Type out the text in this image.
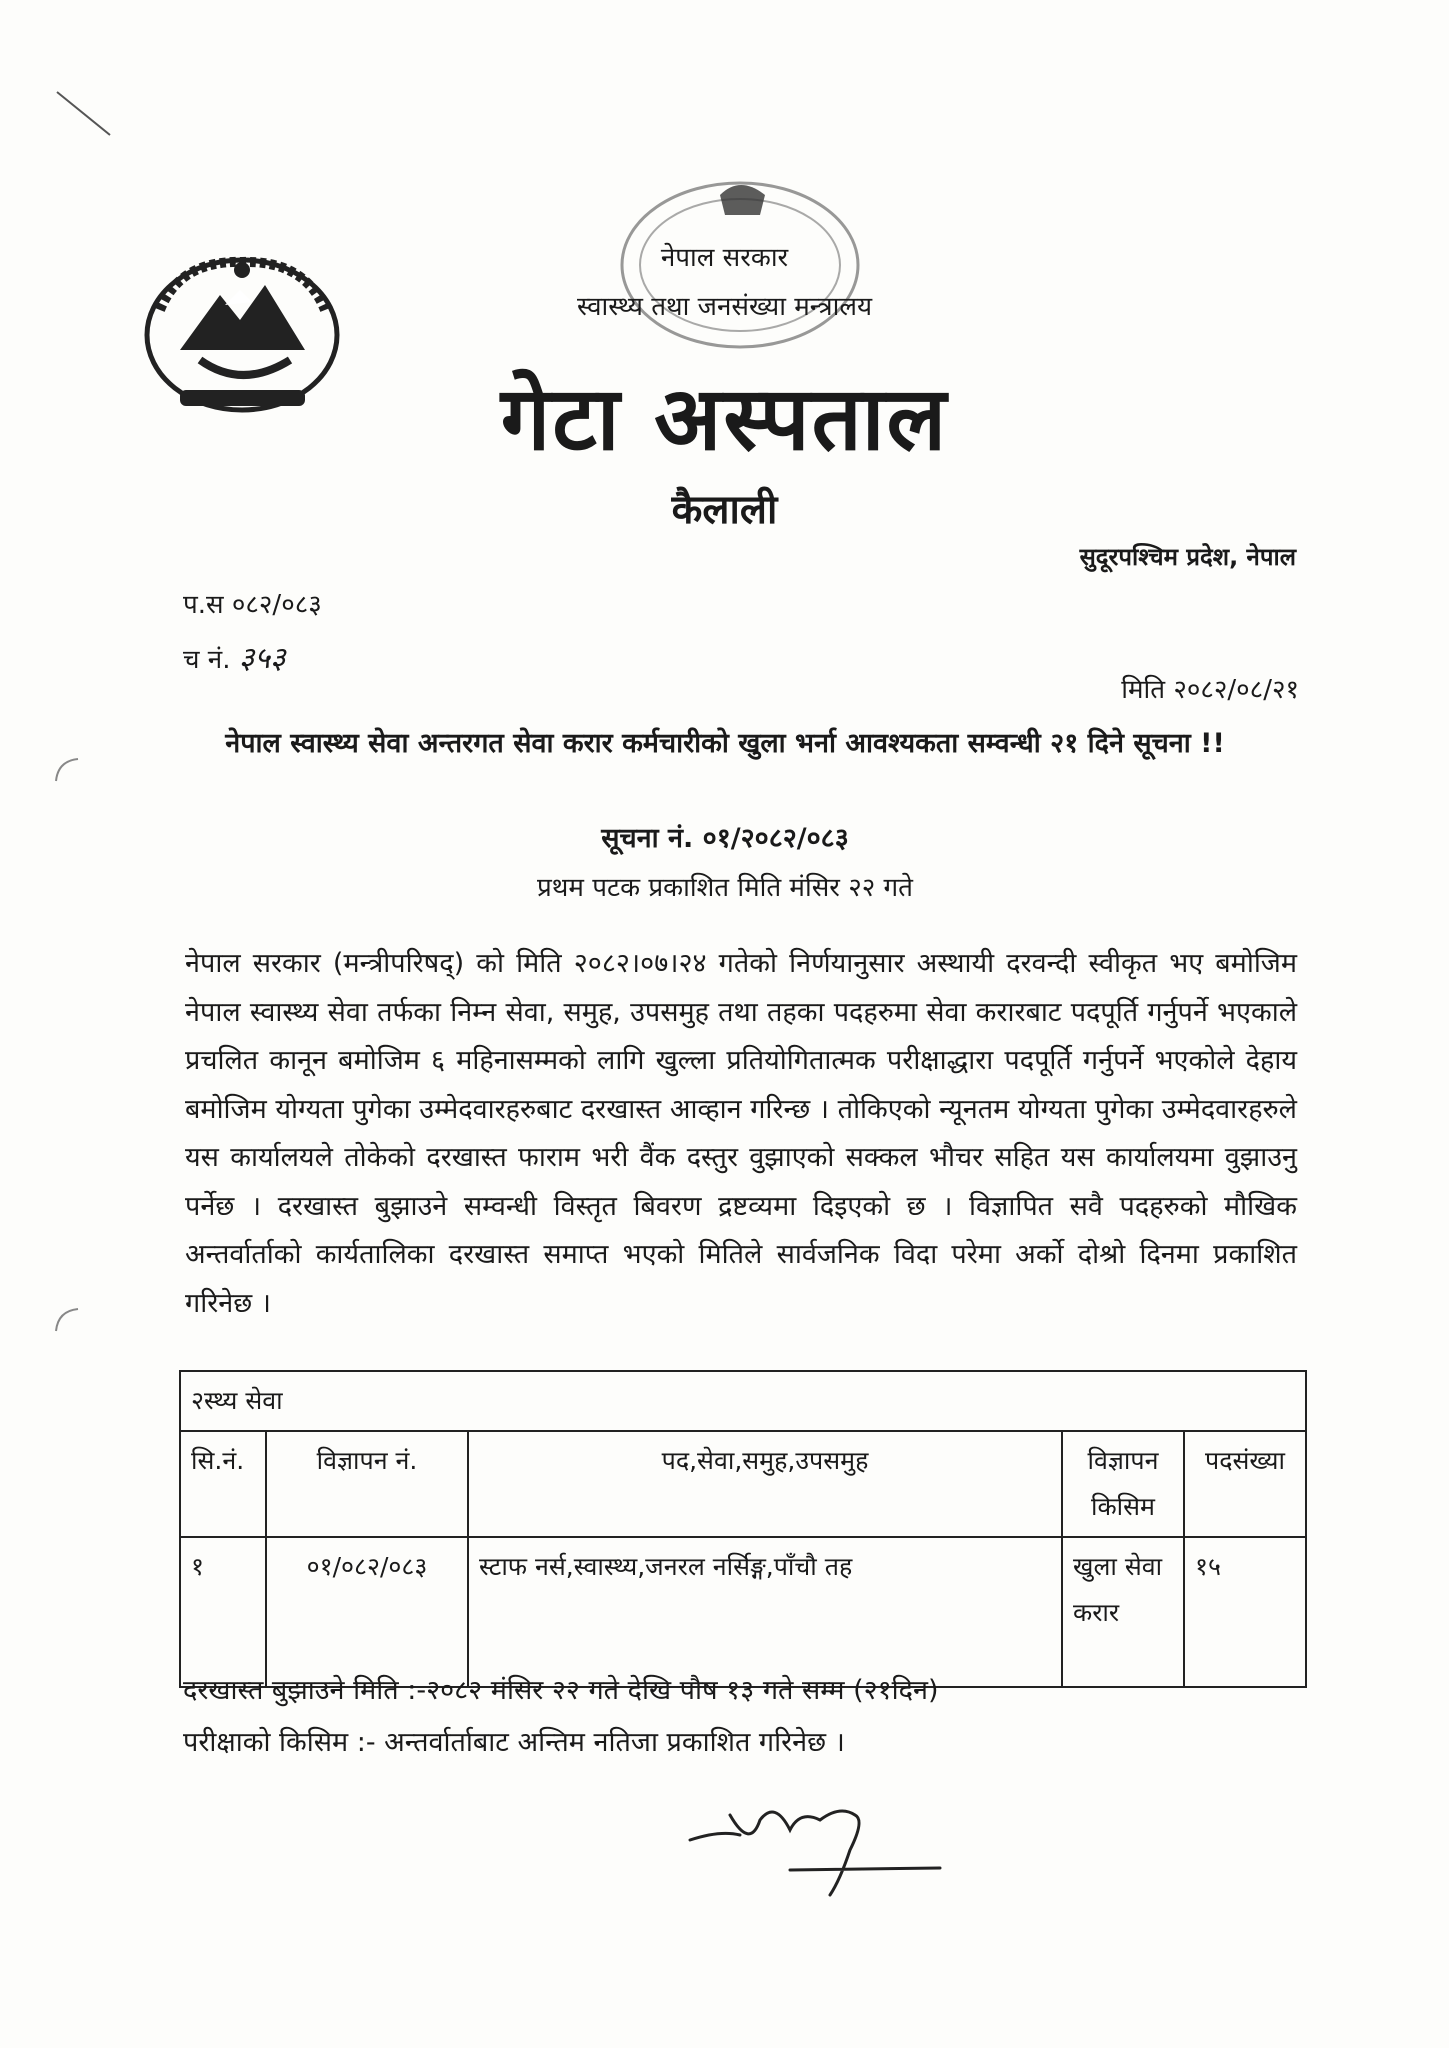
नेपाल सरकार
स्वास्थ्य तथा जनसंख्या मन्त्रालय
गेटा अस्पताल
कैलाली
सुदूरपश्चिम प्रदेश, नेपाल
प.स ०८२/०८३
च नं. ३५३
मिति २०८२/०८/२१
नेपाल स्वास्थ्य सेवा अन्तरगत सेवा करार कर्मचारीको खुला भर्ना आवश्यकता सम्वन्धी २१ दिने सूचना !!
सूचना नं. ०१/२०८२/०८३
प्रथम पटक प्रकाशित मिति मंसिर २२ गते
नेपाल सरकार (मन्त्रीपरिषद्) को मिति २०८२।०७।२४ गतेको निर्णयानुसार अस्थायी दरवन्दी स्वीकृत भए बमोजिम नेपाल स्वास्थ्य सेवा तर्फका निम्न सेवा, समुह, उपसमुह तथा तहका पदहरुमा सेवा करारबाट पदपूर्ति गर्नुपर्ने भएकाले प्रचलित कानून बमोजिम ६ महिनासम्मको लागि खुल्ला प्रतियोगितात्मक परीक्षाद्धारा पदपूर्ति गर्नुपर्ने भएकोले देहाय बमोजिम योग्यता पुगेका उम्मेदवारहरुबाट दरखास्त आव्हान गरिन्छ । तोकिएको न्यूनतम योग्यता पुगेका उम्मेदवारहरुले यस कार्यालयले तोकेको दरखास्त फाराम भरी वैंक दस्तुर वुझाएको सक्कल भौचर सहित यस कार्यालयमा वुझाउनु पर्नेछ । दरखास्त बुझाउने सम्वन्धी विस्तृत बिवरण द्रष्टव्यमा दिइएको छ । विज्ञापित सवै पदहरुको मौखिक अन्तर्वार्ताको कार्यतालिका दरखास्त समाप्त भएको मितिले सार्वजनिक विदा परेमा अर्को दोश्रो दिनमा प्रकाशित गरिनेछ ।
२स्थ्य सेवा				
सि.नं.	विज्ञापन नं.	पद,सेवा,समुह,उपसमुह	विज्ञापन किसिम	पदसंख्या
१	०१/०८२/०८३	स्टाफ नर्स,स्वास्थ्य,जनरल नर्सिङ्ग,पाँचौ तह	खुला सेवा करार	१५
दरखास्त बुझाउने मिति :-२०८२ मंसिर २२ गते देखि पौष १३ गते सम्म (२१दिन)
परीक्षाको किसिम :- अन्तर्वार्ताबाट अन्तिम नतिजा प्रकाशित गरिनेछ ।
